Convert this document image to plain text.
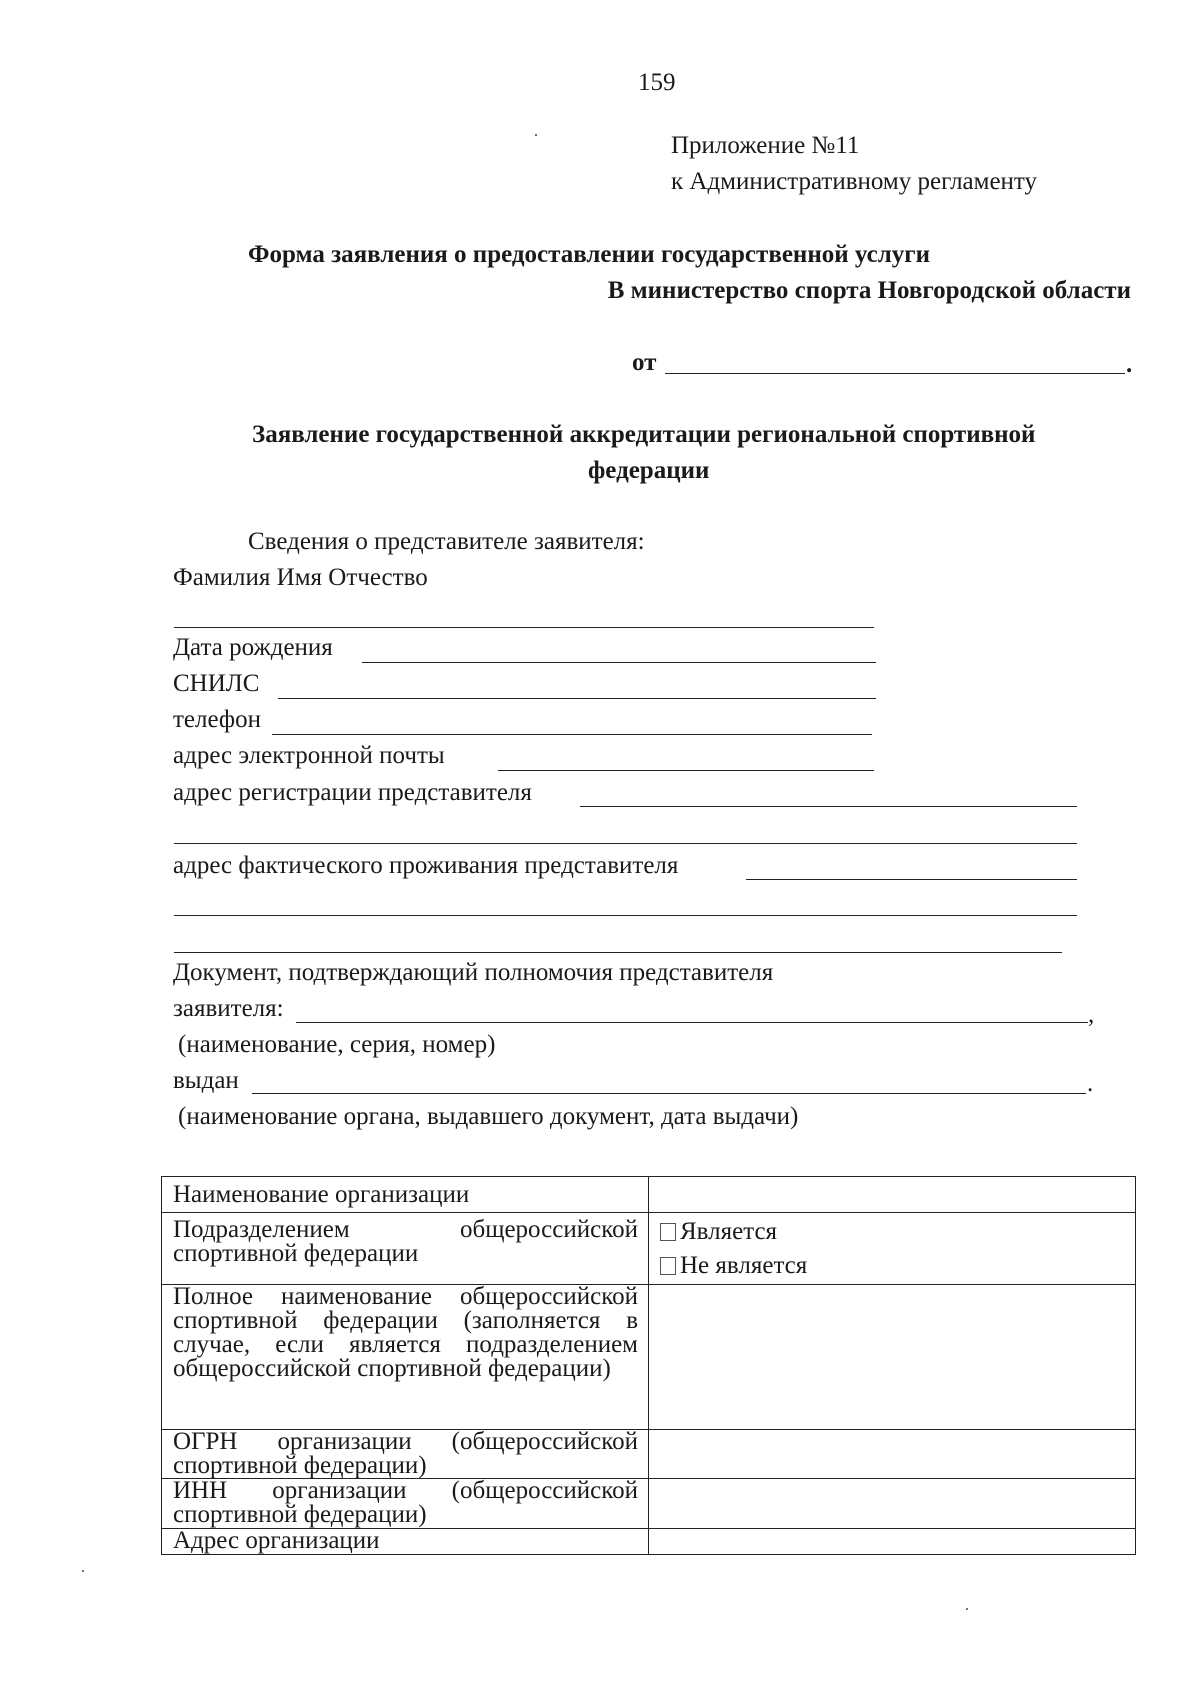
159
Приложение №11
к Административному регламенту
Форма заявления о предоставлении государственной услуги
В министерство спорта Новгородской области
от	.
Заявление государственной аккредитации региональной спортивной
федерации
Сведения о представителе заявителя:
Фамилия Имя Отчество
Дата рождения
СНИЛС
телефон
адрес электронной почты
адрес регистрации представителя
адрес фактического проживания представителя
Документ, подтверждающий полномочия представителя
заявителя:	,
(наименование, серия, номер)
выдан	.
(наименование органа, выдавшего документ, дата выдачи)
Наименование организации	
Подразделением общероссийской спортивной федерации	Является
Не является

Полное наименование общероссийской спортивной федерации (заполняется в случае, если является подразделением общероссийской спортивной федерации)	
ОГРН организации (общероссийской спортивной федерации)	
ИНН организации (общероссийской спортивной федерации)	
Адрес организации	
